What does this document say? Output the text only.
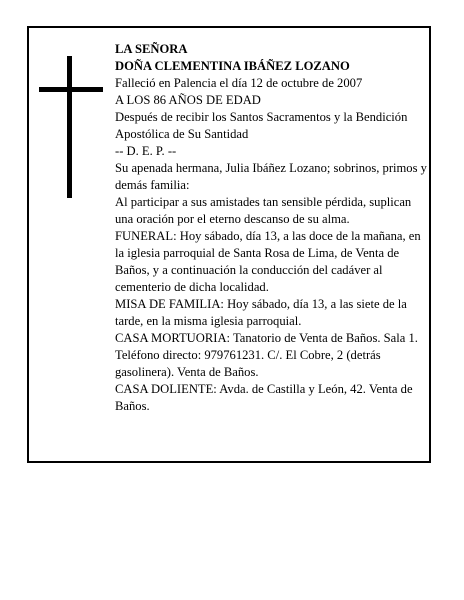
LA SEÑORA

DOÑA CLEMENTINA IBÁÑEZ LOZANO

Falleció en Palencia el día 12 de octubre de 2007

A LOS 86 AÑOS DE EDAD

Después de recibir los Santos Sacramentos y la Bendición Apostólica de Su Santidad

-- D. E. P. --

Su apenada hermana, Julia Ibáñez Lozano; sobrinos, primos y demás familia:

Al participar a sus amistades tan sensible pérdida, suplican una oración por el eterno descanso de su alma.

FUNERAL: Hoy sábado, día 13, a las doce de la mañana, en la iglesia parroquial de Santa Rosa de Lima, de Venta de Baños, y a continuación la conducción del cadáver al cementerio de dicha localidad.

MISA DE FAMILIA: Hoy sábado, día 13, a las siete de la tarde, en la misma iglesia parroquial.

CASA MORTUORIA: Tanatorio de Venta de Baños. Sala 1. Teléfono directo: 979761231. C/. El Cobre, 2 (detrás gasolinera). Venta de Baños.

CASA DOLIENTE: Avda. de Castilla y León, 42. Venta de Baños.
